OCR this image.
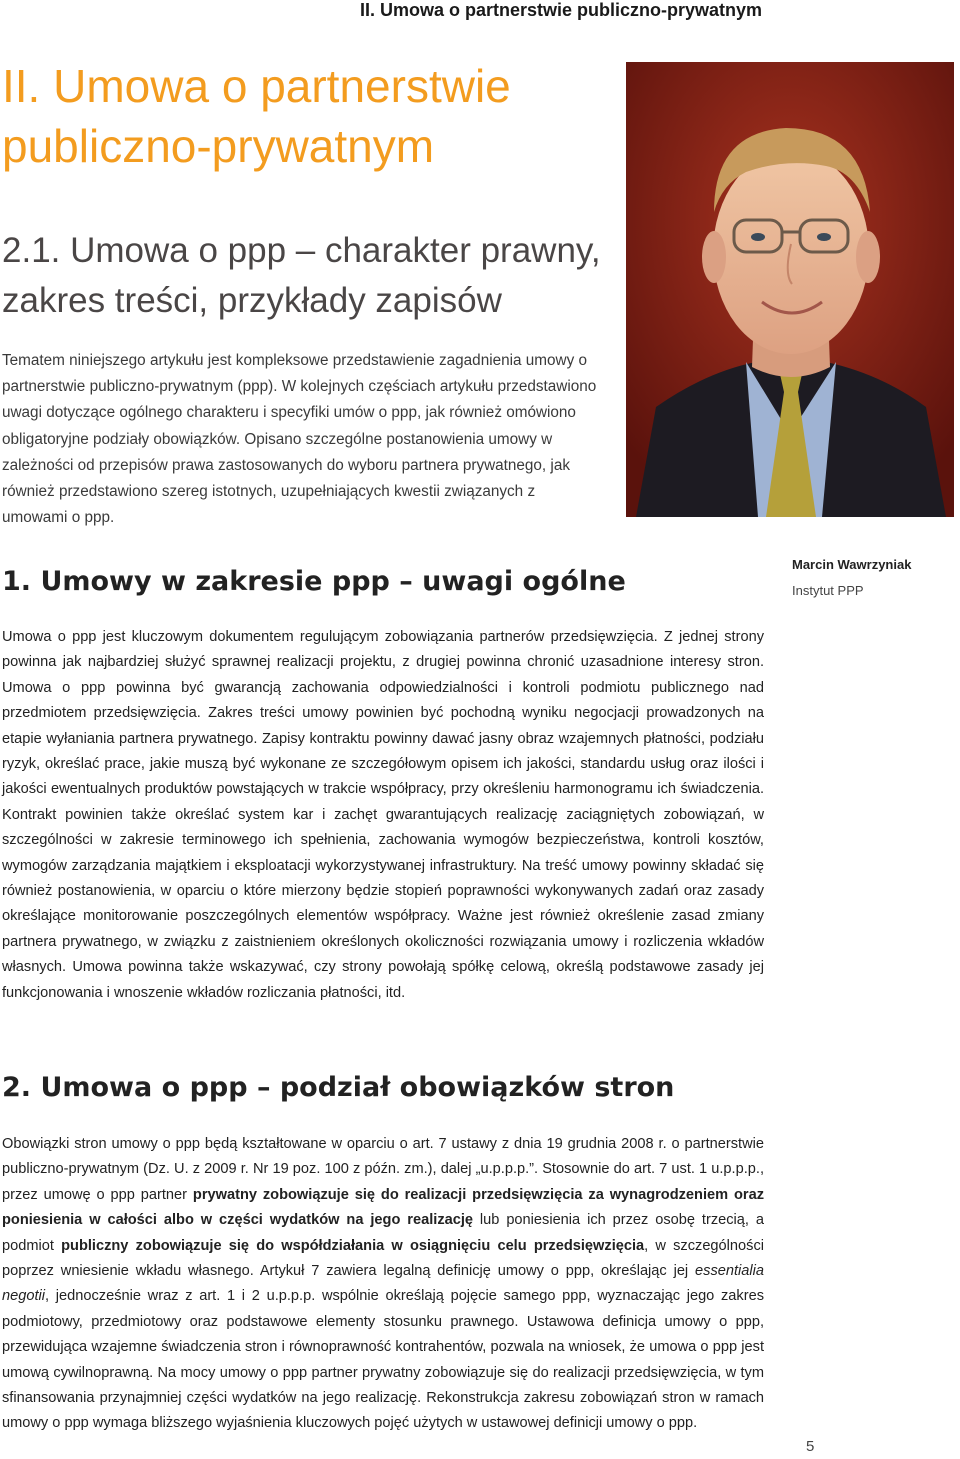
II. Umowa o partnerstwie publiczno-prywatnym
II. Umowa o partnerstwie
publiczno-prywatnym
2.1. Umowa o ppp – charakter prawny,
zakres treści, przykłady zapisów

Tematem niniejszego artykułu jest kompleksowe przedstawienie zagadnienia umowy o partnerstwie publiczno-prywatnym (ppp). W kolejnych częściach artykułu przedstawiono uwagi dotyczące ogólnego charakteru i specyfiki umów o ppp, jak również omówiono obligatoryjne podziały obowiązków. Opisano szczególne postanowienia umowy w zależności od przepisów prawa zastosowanych do wyboru partnera prywatnego, jak również przedstawiono szereg istotnych, uzupełniających kwestii związanych z umowami o ppp.

Marcin Wawrzyniak
Instytut PPP
1. Umowy w zakresie ppp – uwagi ogólne

Umowa o ppp jest kluczowym dokumentem regulującym zobowiązania partnerów przedsięwzięcia. Z jednej strony powinna jak najbardziej służyć sprawnej realizacji projektu, z drugiej powinna chronić uzasadnione interesy stron. Umowa o ppp powinna być gwarancją zachowania odpowiedzialności i kontroli podmiotu publicznego nad przedmiotem przedsięwzięcia. Zakres treści umowy powinien być pochodną wyniku negocjacji prowadzonych na etapie wyłaniania partnera prywatnego. Zapisy kontraktu powinny dawać jasny obraz wzajemnych płatności, podziału ryzyk, określać prace, jakie muszą być wykonane ze szczegółowym opisem ich jakości, standardu usług oraz ilości i jakości ewentualnych produktów powstających w trakcie współpracy, przy określeniu harmonogramu ich świadczenia. Kontrakt powinien także określać system kar i zachęt gwarantujących realizację zaciągniętych zobowiązań, w szczególności w zakresie terminowego ich spełnienia, zachowania wymogów bezpieczeństwa, kontroli kosztów, wymogów zarządzania majątkiem i eksploatacji wykorzystywanej infrastruktury. Na treść umowy powinny składać się również postanowienia, w oparciu o które mierzony będzie stopień poprawności wykonywanych zadań oraz zasady określające monitorowanie poszczególnych elementów współpracy. Ważne jest również określenie zasad zmiany partnera prywatnego, w związku z zaistnieniem określonych okoliczności rozwiązania umowy i rozliczenia wkładów własnych. Umowa powinna także wskazywać, czy strony powołają spółkę celową, określą podstawowe zasady jej funkcjonowania i wnoszenie wkładów rozliczania płatności, itd.

2. Umowa o ppp – podział obowiązków stron

Obowiązki stron umowy o ppp będą kształtowane w oparciu o art. 7 ustawy z dnia 19 grudnia 2008 r. o partnerstwie publiczno-prywatnym (Dz. U. z 2009 r. Nr 19 poz. 100 z późn. zm.), dalej „u.p.p.p.”. Stosownie do art. 7 ust. 1 u.p.p.p., przez umowę o ppp partner prywatny zobowiązuje się do realizacji przedsięwzięcia za wynagrodzeniem oraz poniesienia w całości albo w części wydatków na jego realizację lub poniesienia ich przez osobę trzecią, a podmiot publiczny zobowiązuje się do współdziałania w osiągnięciu celu przedsięwzięcia, w szczególności poprzez wniesienie wkładu własnego. Artykuł 7 zawiera legalną definicję umowy o ppp, określając jej essentialia negotii, jednocześnie wraz z art. 1 i 2 u.p.p.p. wspólnie określają pojęcie samego ppp, wyznaczając jego zakres podmiotowy, przedmiotowy oraz podstawowe elementy stosunku prawnego. Ustawowa definicja umowy o ppp, przewidująca wzajemne świadczenia stron i równoprawność kontrahentów, pozwala na wniosek, że umowa o ppp jest umową cywilnoprawną. Na mocy umowy o ppp partner prywatny zobowiązuje się do realizacji przedsięwzięcia, w tym sfinansowania przynajmniej części wydatków na jego realizację. Rekonstrukcja zakresu zobowiązań stron w ramach umowy o ppp wymaga bliższego wyjaśnienia kluczowych pojęć użytych w ustawowej definicji umowy o ppp.

5
